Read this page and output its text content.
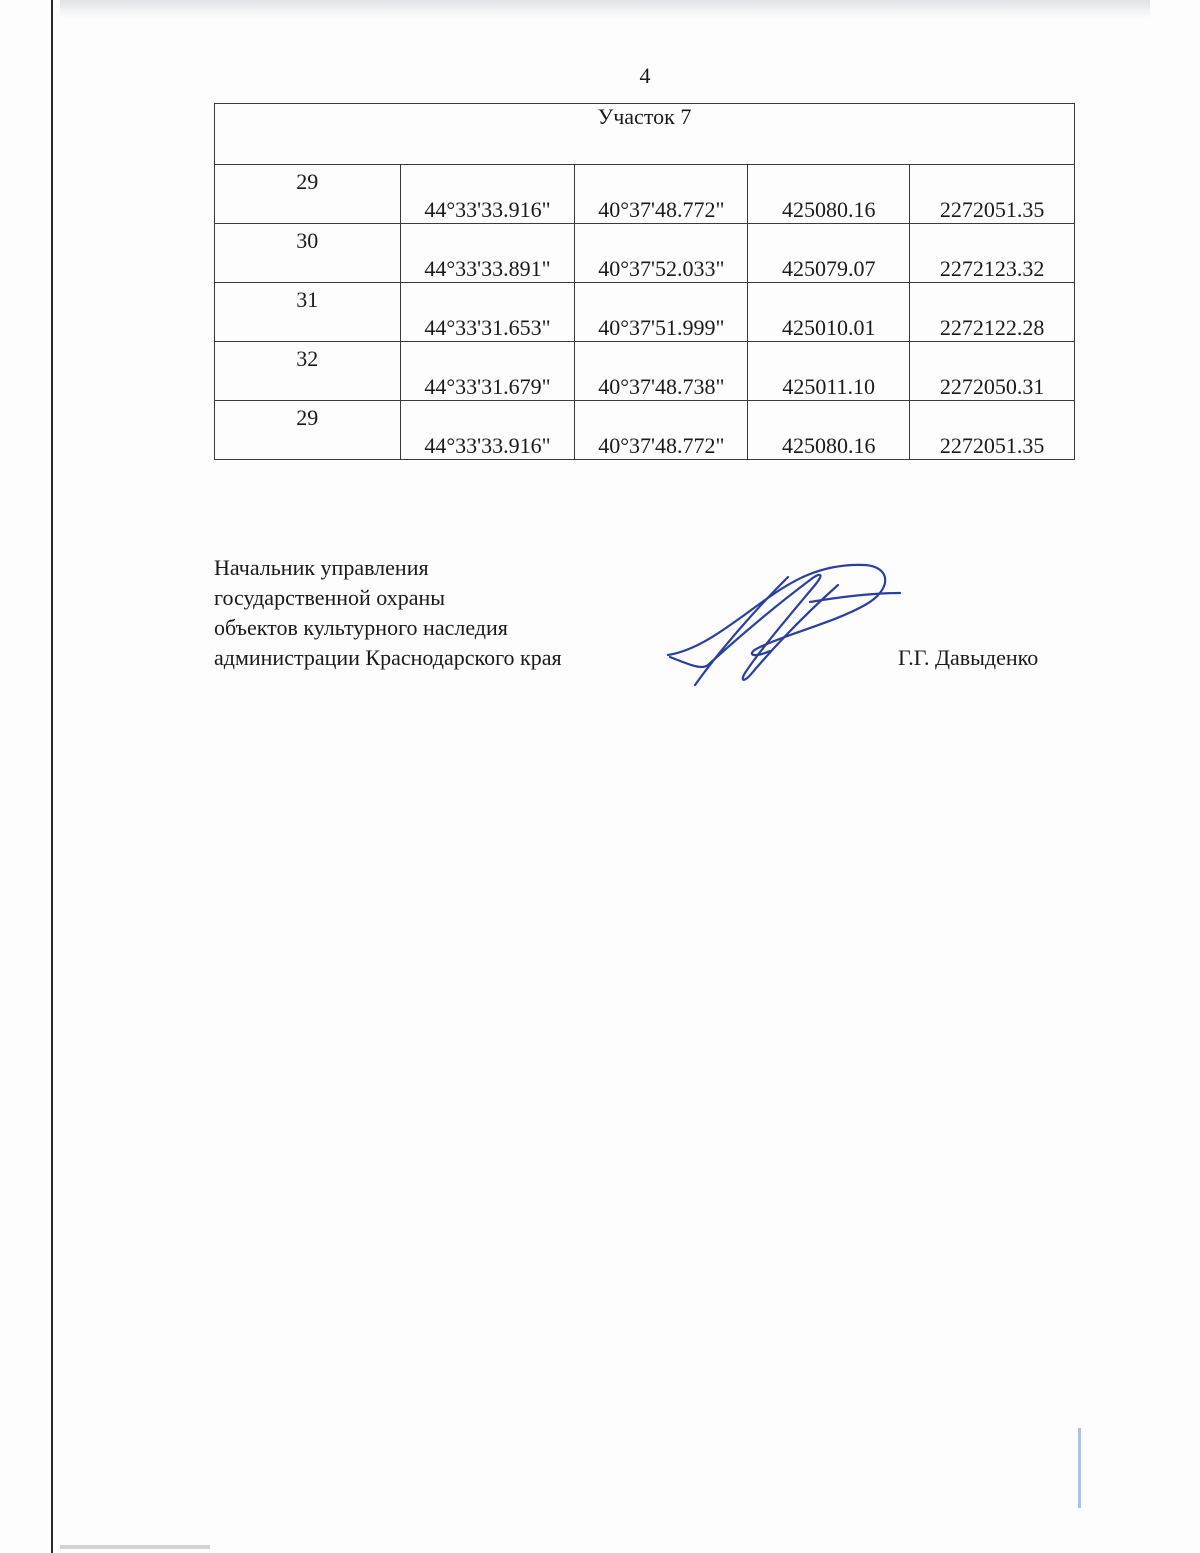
4
Участок 7				
29	44°33'33.916"	40°37'48.772"	425080.16	2272051.35
30	44°33'33.891"	40°37'52.033"	425079.07	2272123.32
31	44°33'31.653"	40°37'51.999"	425010.01	2272122.28
32	44°33'31.679"	40°37'48.738"	425011.10	2272050.31
29	44°33'33.916"	40°37'48.772"	425080.16	2272051.35
Начальник управления
государственной охраны
объектов культурного наследия
администрации Краснодарского края	Г.Г. Давыденко
